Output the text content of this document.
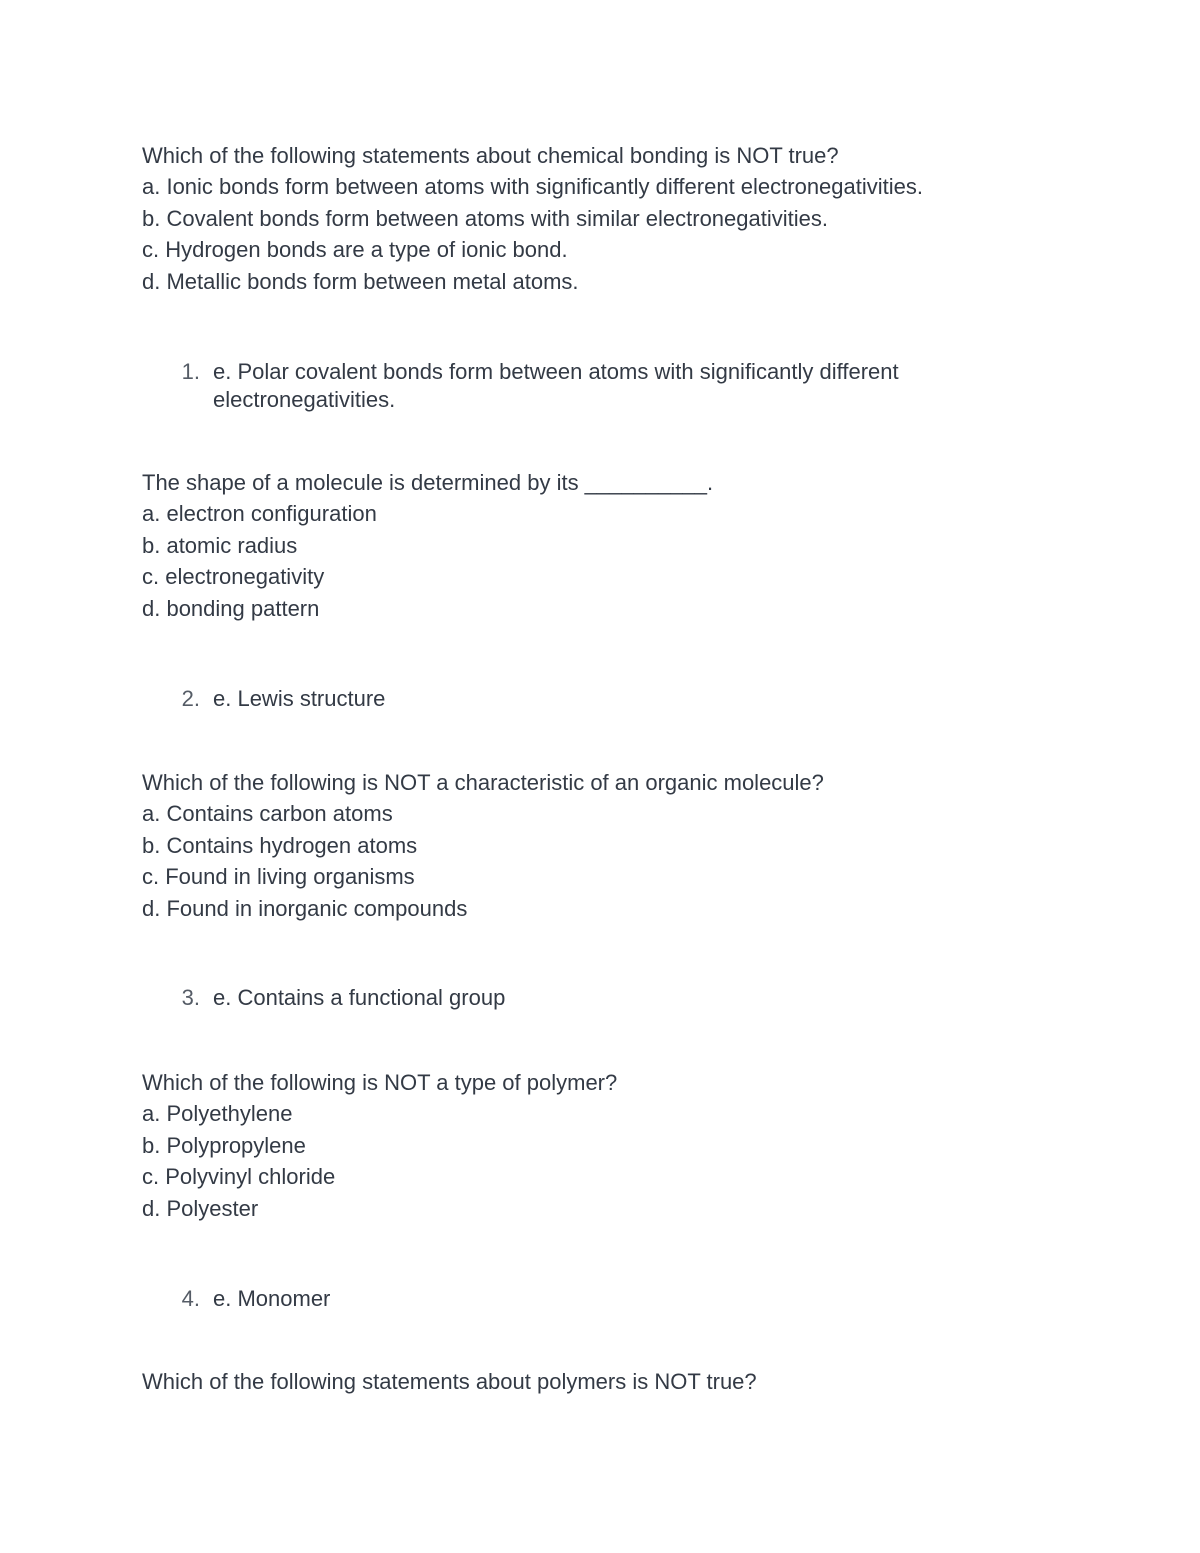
Which of the following statements about chemical bonding is NOT true?
a. Ionic bonds form between atoms with significantly different electronegativities.
b. Covalent bonds form between atoms with similar electronegativities.
c. Hydrogen bonds are a type of ionic bond.
d. Metallic bonds form between metal atoms.
1. e. Polar covalent bonds form between atoms with significantly different electronegativities.
The shape of a molecule is determined by its __________.
a. electron configuration
b. atomic radius
c. electronegativity
d. bonding pattern
2. e. Lewis structure
Which of the following is NOT a characteristic of an organic molecule?
a. Contains carbon atoms
b. Contains hydrogen atoms
c. Found in living organisms
d. Found in inorganic compounds
3. e. Contains a functional group
Which of the following is NOT a type of polymer?
a. Polyethylene
b. Polypropylene
c. Polyvinyl chloride
d. Polyester
4. e. Monomer
Which of the following statements about polymers is NOT true?
